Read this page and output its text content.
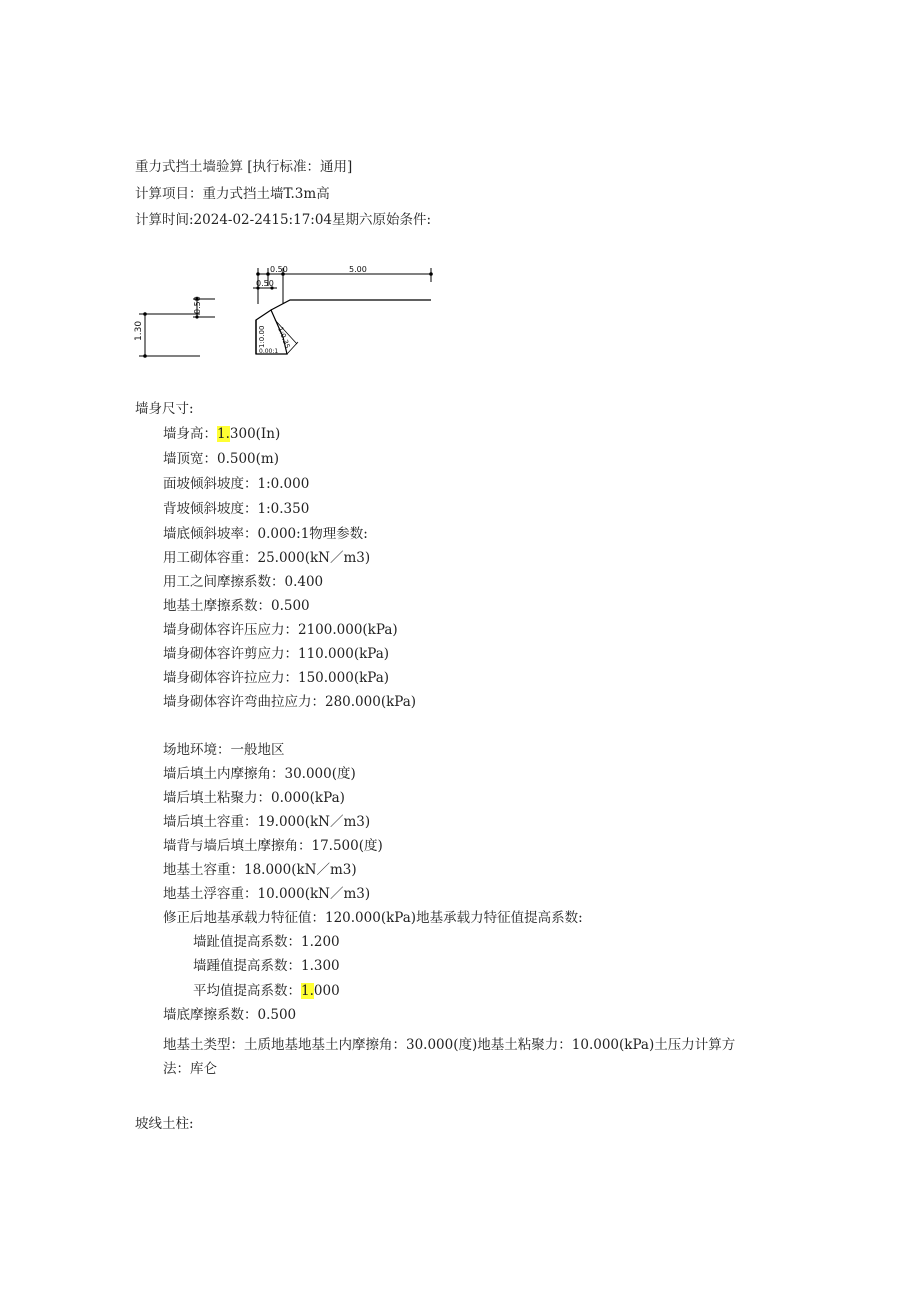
重力式挡土墙验算 [执行标准：通用]
计算项目：重力式挡土墙T.3m高
计算时间:2024-02-2415:17:04星期六原始条件:
1.30
0.50
0.50	5.00
0.50
1:0.00 1:0.35
0.00:1
墙身尺寸:
墙身高：1.300(In)
墙顶宽：0.500(m)
面坡倾斜坡度：1:0.000
背坡倾斜坡度：1:0.350
墙底倾斜坡率：0.000:1物理参数:
用工砌体容重：25.000(kN／m3)
用工之间摩擦系数：0.400
地基土摩擦系数：0.500
墙身砌体容许压应力：2100.000(kPa)
墙身砌体容许剪应力：110.000(kPa)
墙身砌体容许拉应力：150.000(kPa)
墙身砌体容许弯曲拉应力：280.000(kPa)
场地环境：一般地区
墙后填土内摩擦角：30.000(度)
墙后填土粘聚力：0.000(kPa)
墙后填土容重：19.000(kN／m3)
墙背与墙后填土摩擦角：17.500(度)
地基土容重：18.000(kN／m3)
地基土浮容重：10.000(kN／m3)
修正后地基承载力特征值：120.000(kPa)地基承载力特征值提高系数:
墙趾值提高系数：1.200
墙踵值提高系数：1.300
平均值提高系数：1.000
墙底摩擦系数：0.500
地基土类型：土质地基地基土内摩擦角：30.000(度)地基土粘聚力：10.000(kPa)土压力计算方
法：库仑
坡线土柱:
